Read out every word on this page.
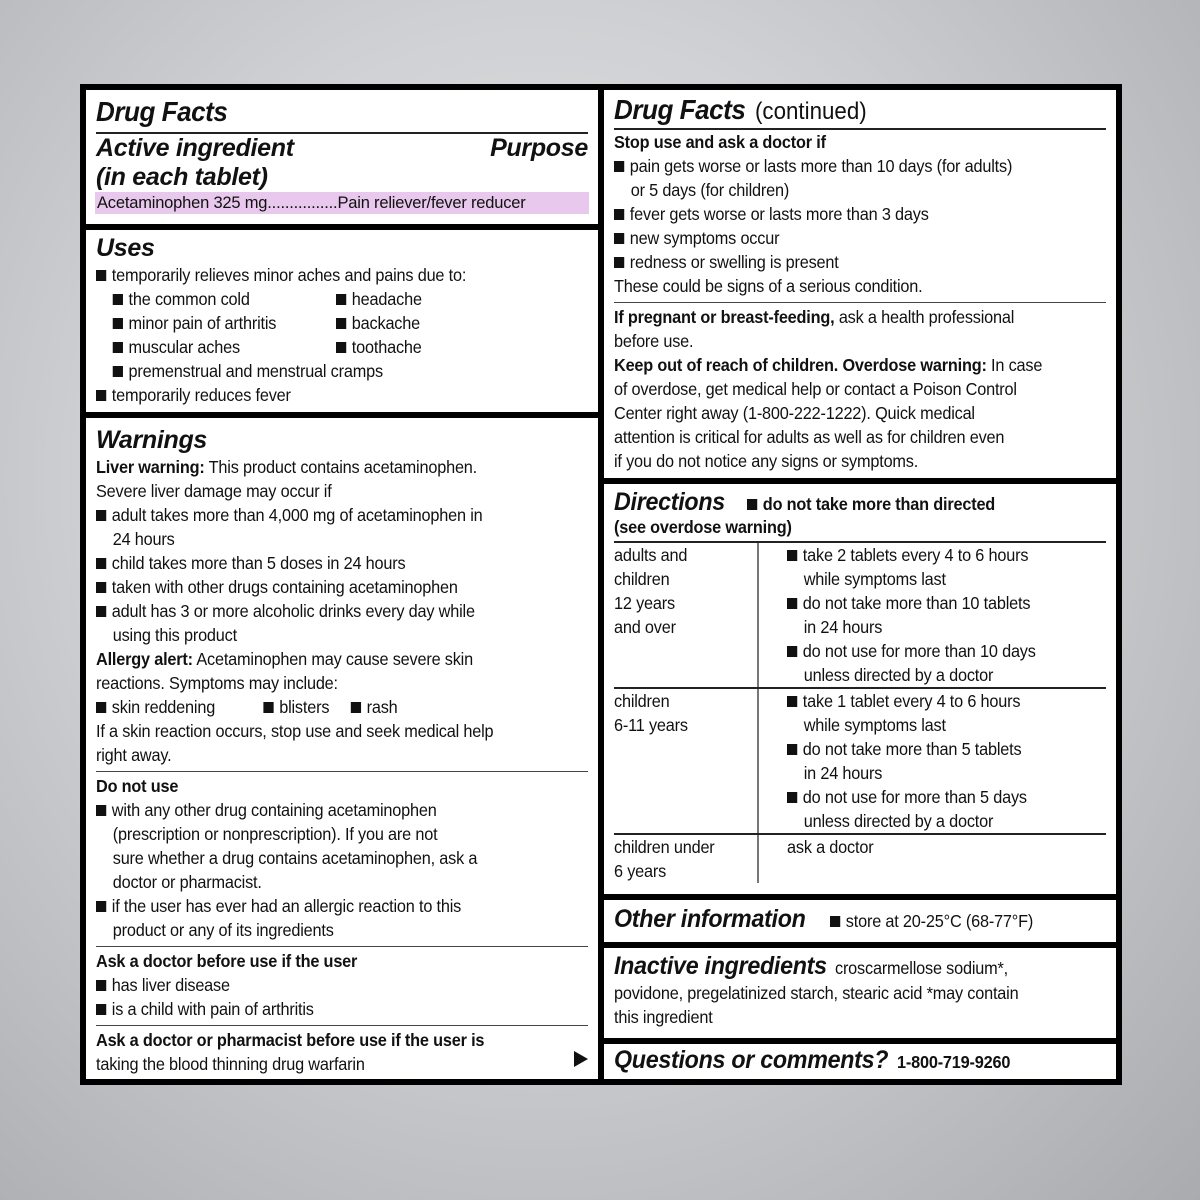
Drug Facts
Active ingredient
(in each tablet)
Purpose
Acetaminophen 325 mg ................ Pain reliever/fever reducer
Uses
temporarily relieves minor aches and pains due to:
the common cold
minor pain of arthritis
muscular aches
headache
backache
toothache
premenstrual and menstrual cramps
temporarily reduces fever
Warnings
Liver warning: This product contains acetaminophen.
Severe liver damage may occur if
adult takes more than 4,000 mg of acetaminophen in
24 hours
child takes more than 5 doses in 24 hours
taken with other drugs containing acetaminophen
adult has 3 or more alcoholic drinks every day while
using this product
Allergy alert: Acetaminophen may cause severe skin
reactions. Symptoms may include:
skin reddening	blisters rash
If a skin reaction occurs, stop use and seek medical help
right away.
Do not use
with any other drug containing acetaminophen
(prescription or nonprescription). If you are not
sure whether a drug contains acetaminophen, ask a
doctor or pharmacist.
if the user has ever had an allergic reaction to this
product or any of its ingredients
Ask a doctor before use if the user
has liver disease
is a child with pain of arthritis
Ask a doctor or pharmacist before use if the user is
taking the blood thinning drug warfarin
Drug Facts(continued)
Stop use and ask a doctor if
pain gets worse or lasts more than 10 days (for adults)
or 5 days (for children)
fever gets worse or lasts more than 3 days
new symptoms occur
redness or swelling is present
These could be signs of a serious condition.
If pregnant or breast-feeding, ask a health professional
before use.
Keep out of reach of children. Overdose warning: In case
of overdose, get medical help or contact a Poison Control
Center right away (1-800-222-1222). Quick medical
attention is critical for adults as well as for children even
if you do not notice any signs or symptoms.
Directions do not take more than directed
(see overdose warning)
adults and
children
12 years
and over
take 2 tablets every 4 to 6 hours
while symptoms last
do not take more than 10 tablets
in 24 hours
do not use for more than 10 days
unless directed by a doctor
children
6-11 years
take 1 tablet every 4 to 6 hours
while symptoms last
do not take more than 5 tablets
in 24 hours
do not use for more than 5 days
unless directed by a doctor
children under
6 years
ask a doctor
Other information store at 20-25°C (68-77°F)
Inactive ingredientscroscarmellose sodium*,
povidone, pregelatinized starch, stearic acid *may contain
this ingredient
Questions or comments? 1-800-719-9260
